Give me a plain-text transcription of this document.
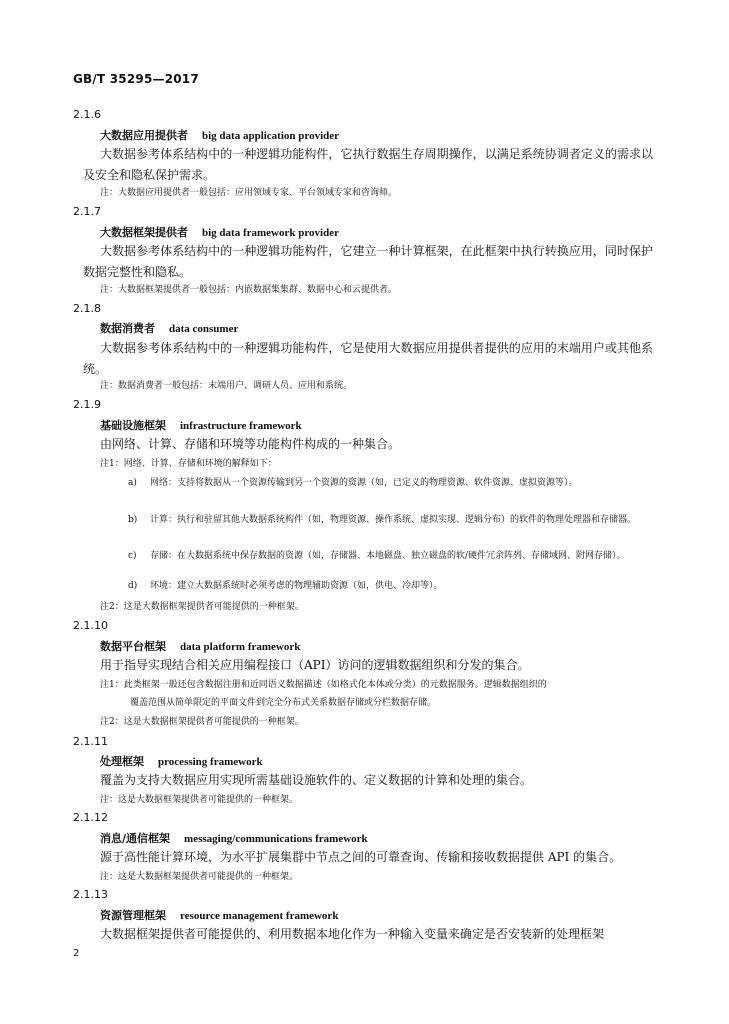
GB/T 35295—2017
2.1.6
大数据应用提供者 big data application provider
大数据参考体系结构中的一种逻辑功能构件，它执行数据生存周期操作，以满足系统协调者定义的需求以及安全和隐私保护需求。
注：大数据应用提供者一般包括：应用领域专家、平台领域专家和咨询师。
2.1.7
大数据框架提供者 big data framework provider
大数据参考体系结构中的一种逻辑功能构件，它建立一种计算框架，在此框架中执行转换应用，同时保护数据完整性和隐私。
注：大数据框架提供者一般包括：内嵌数据集集群、数据中心和云提供者。
2.1.8
数据消费者 data consumer
大数据参考体系结构中的一种逻辑功能构件，它是使用大数据应用提供者提供的应用的末端用户或其他系统。
注：数据消费者一般包括：末端用户、调研人员、应用和系统。
2.1.9
基础设施框架 infrastructure framework
由网络、计算、存储和环境等功能构件构成的一种集合。
注1：网络、计算、存储和环境的解释如下：
a)	网络：支持将数据从一个资源传输到另一个资源的资源（如，已定义的物理资源、软件资源、虚拟资源等）。
b)	计算：执行和驻留其他大数据系统构件（如，物理资源、操作系统、虚拟实现、逻辑分布）的软件的物理处理器和存储器。
c)	存储：在大数据系统中保存数据的资源（如，存储器、本地磁盘、独立磁盘的软/硬件冗余阵列、存储域网、附网存储）。
d)	环境：建立大数据系统时必须考虑的物理辅助资源（如，供电、冷却等）。
注2：这是大数据框架提供者可能提供的一种框架。
2.1.10
数据平台框架 data platform framework
用于指导实现结合相关应用编程接口（API）访问的逻辑数据组织和分发的集合。
注1：此类框架一般还包含数据注册和近同语义数据描述（如格式化本体或分类）的元数据服务。逻辑数据组织的
覆盖范围从简单限定的平面文件到完全分布式关系数据存储或分栏数据存储。
注2：这是大数据框架提供者可能提供的一种框架。
2.1.11
处理框架 processing framework
覆盖为支持大数据应用实现所需基础设施软件的、定义数据的计算和处理的集合。
注：这是大数据框架提供者可能提供的一种框架。
2.1.12
消息/通信框架 messaging/communications framework
源于高性能计算环境，为水平扩展集群中节点之间的可靠查询、传输和接收数据提供 API 的集合。
注：这是大数据框架提供者可能提供的一种框架。
2.1.13
资源管理框架 resource management framework
大数据框架提供者可能提供的、利用数据本地化作为一种输入变量来确定是否安装新的处理框架
2
